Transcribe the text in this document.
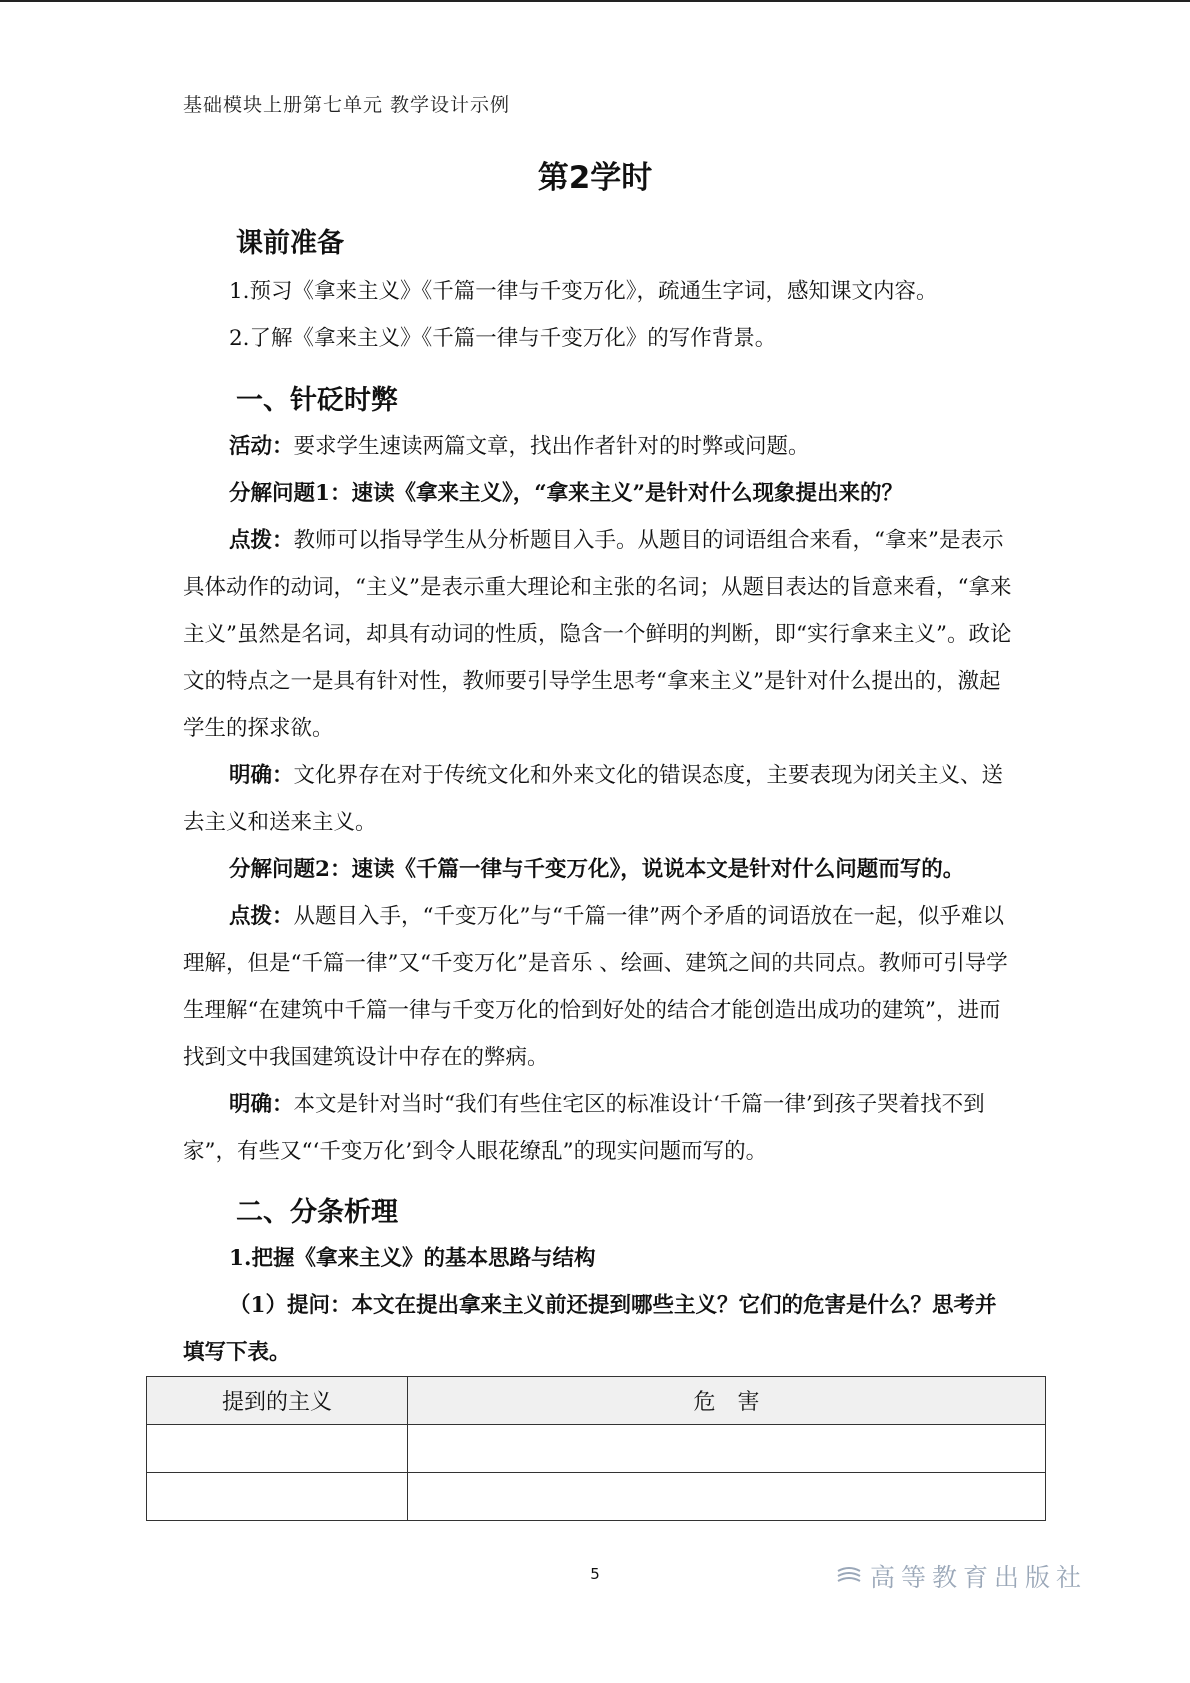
基础模块上册第七单元 教学设计示例
第2学时
课前准备

1.预习《拿来主义》《千篇一律与千变万化》，疏通生字词，感知课文内容。

2.了解《拿来主义》《千篇一律与千变万化》的写作背景。

一、针砭时弊

活动：要求学生速读两篇文章，找出作者针对的时弊或问题。

分解问题1：速读《拿来主义》，“拿来主义”是针对什么现象提出来的？

点拨：教师可以指导学生从分析题目入手。从题目的词语组合来看，“拿来”是表示具体动作的动词，“主义”是表示重大理论和主张的名词；从题目表达的旨意来看，“拿来主义”虽然是名词，却具有动词的性质，隐含一个鲜明的判断，即“实行拿来主义”。政论文的特点之一是具有针对性，教师要引导学生思考“拿来主义”是针对什么提出的，激起学生的探求欲。

明确：文化界存在对于传统文化和外来文化的错误态度，主要表现为闭关主义、送去主义和送来主义。

分解问题2：速读《千篇一律与千变万化》，说说本文是针对什么问题而写的。

点拨：从题目入手，“千变万化”与“千篇一律”两个矛盾的词语放在一起，似乎难以理解，但是“千篇一律”又“千变万化”是音乐 、绘画、建筑之间的共同点。教师可引导学生理解“在建筑中千篇一律与千变万化的恰到好处的结合才能创造出成功的建筑”，进而找到文中我国建筑设计中存在的弊病。

明确：本文是针对当时“我们有些住宅区的标准设计‘千篇一律’到孩子哭着找不到家”，有些又“‘千变万化’到令人眼花缭乱”的现实问题而写的。

二、分条析理

1.把握《拿来主义》的基本思路与结构

（1）提问：本文在提出拿来主义前还提到哪些主义？它们的危害是什么？思考并填写下表。

提到的主义	危　害

5	高等教育出版社
